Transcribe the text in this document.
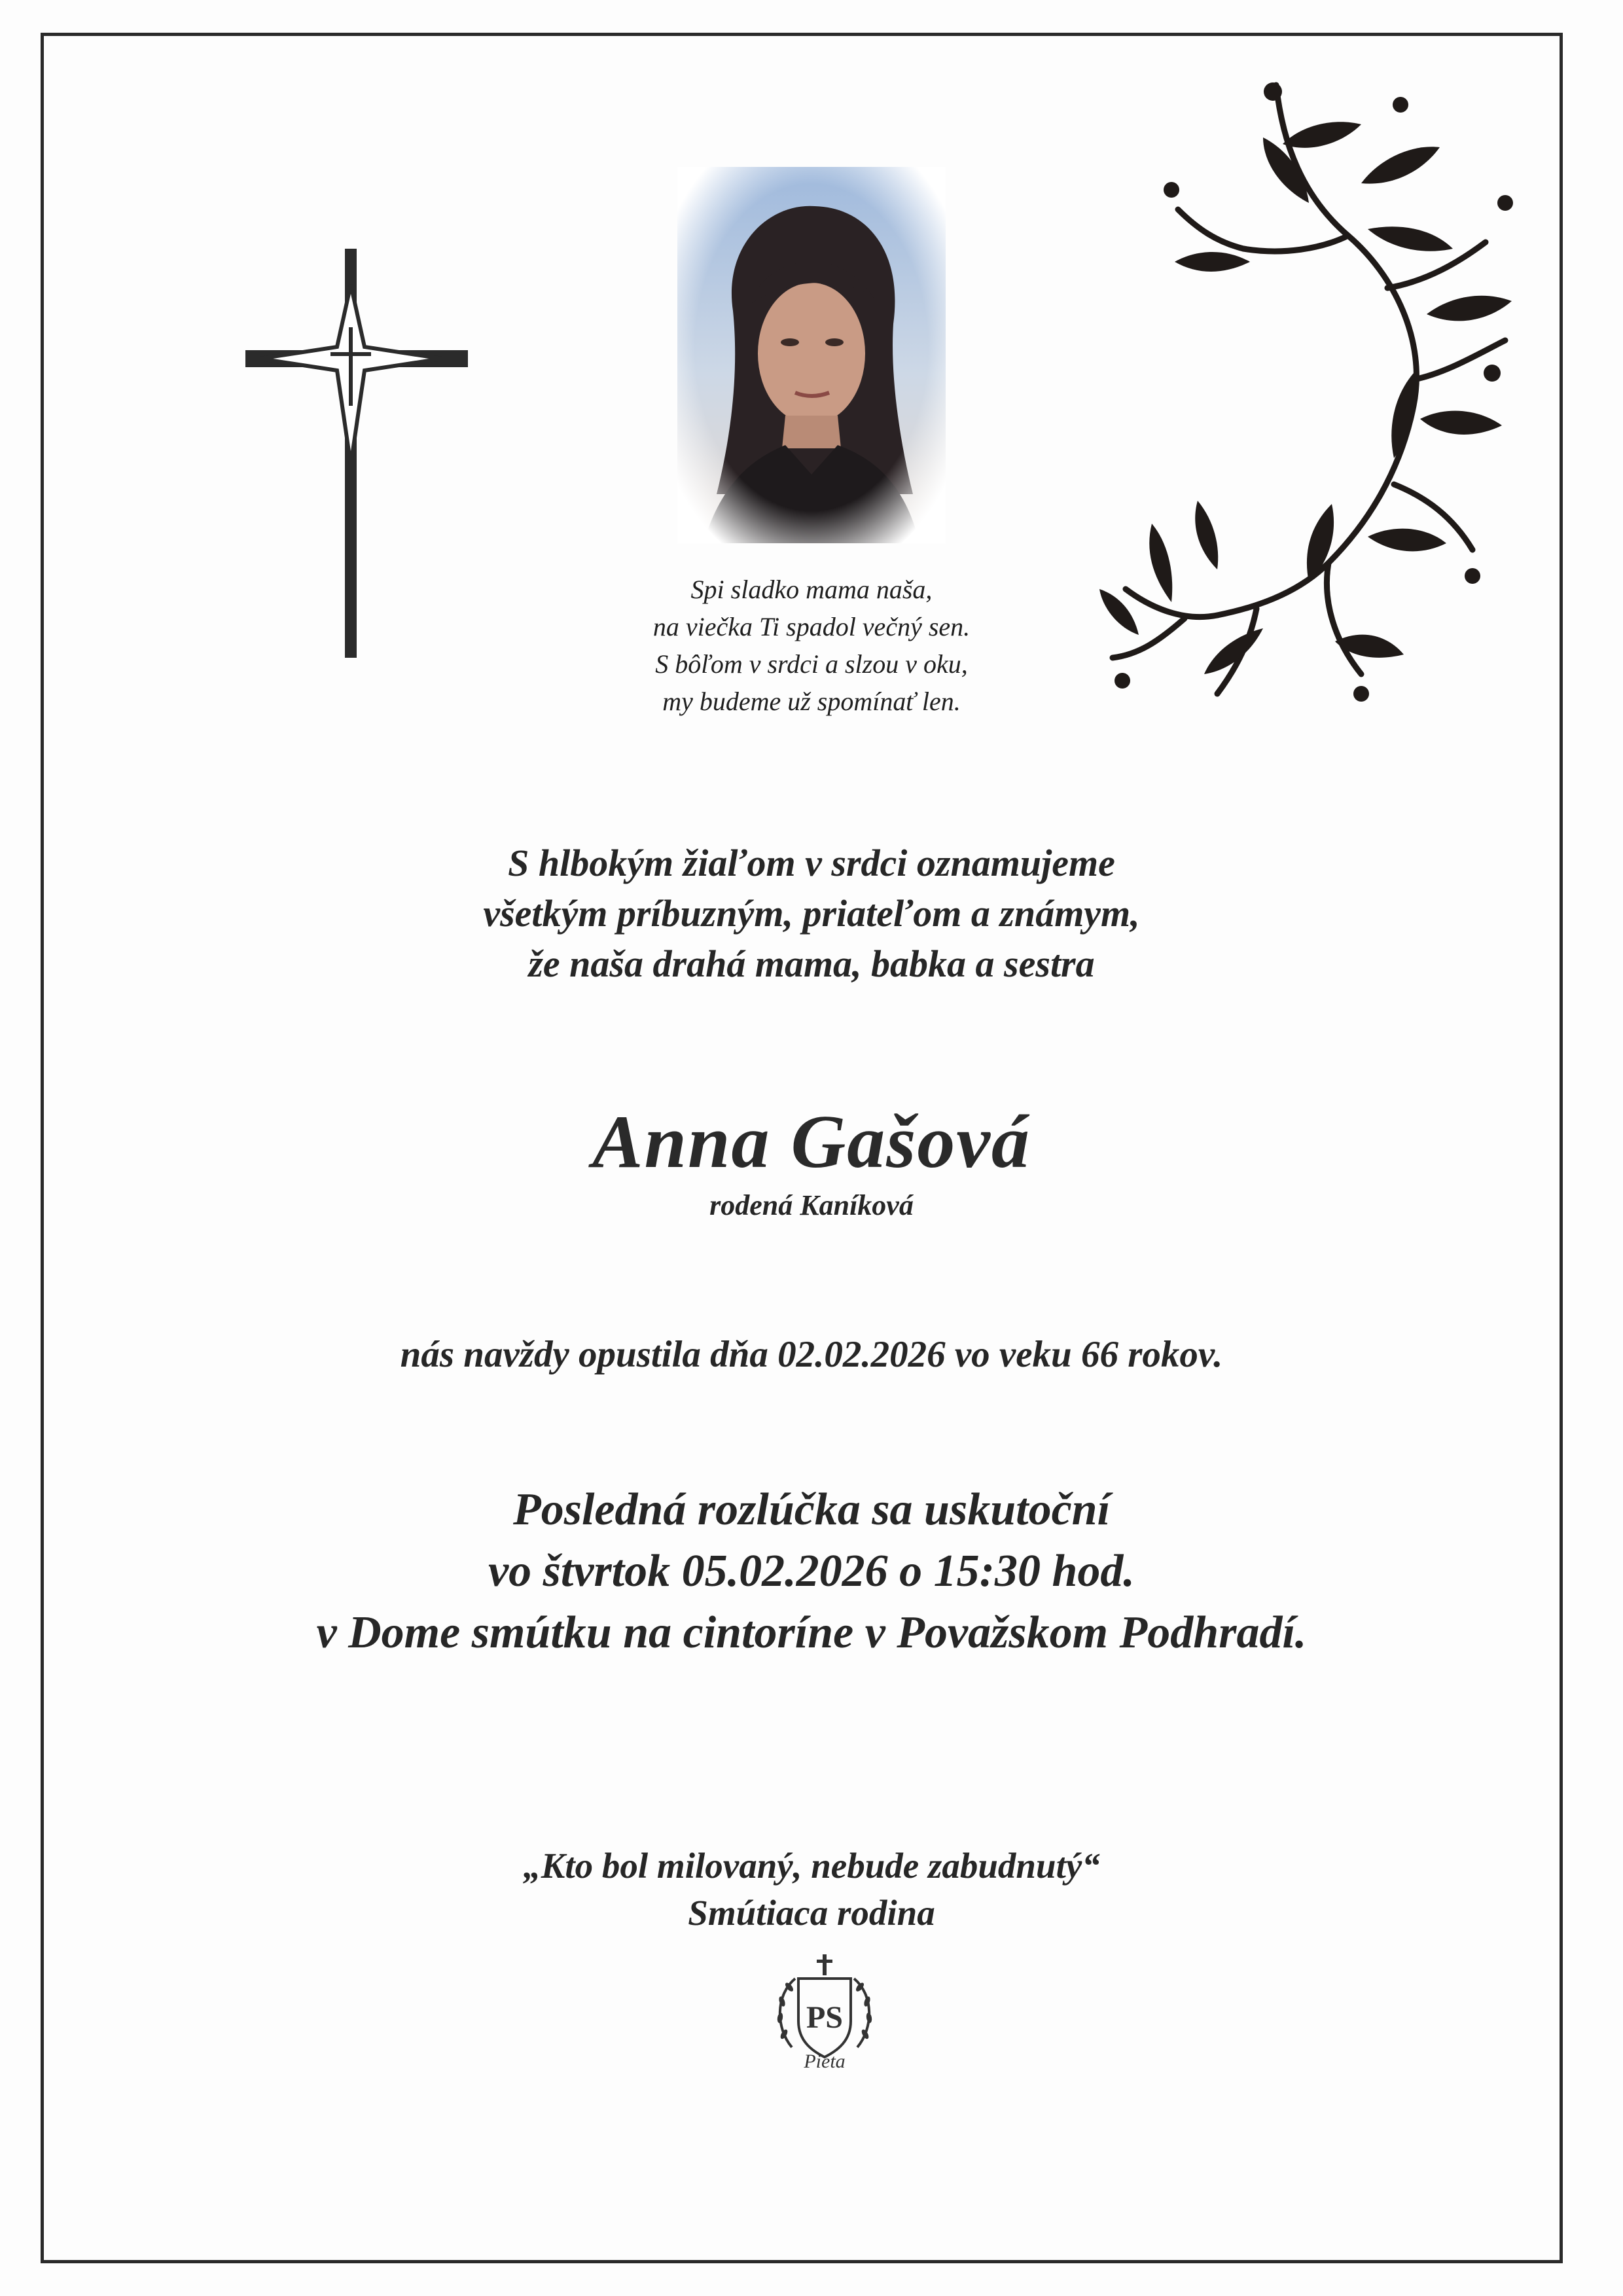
Spi sladko mama naša,
na viečka Ti spadol večný sen.
S bôľom v srdci a slzou v oku,
my budeme už spomínať len.
S hlbokým žiaľom v srdci oznamujeme
všetkým príbuzným, priateľom a známym,
že naša drahá mama, babka a sestra
Anna Gašová
rodená Kaníková
nás navždy opustila dňa 02.02.2026 vo veku 66 rokov.
Posledná rozlúčka sa uskutoční
vo štvrtok 05.02.2026 o 15:30 hod.
v Dome smútku na cintoríne v Považskom Podhradí.
„Kto bol milovaný, nebude zabudnutý“
Smútiaca rodina
PS
Pieta
